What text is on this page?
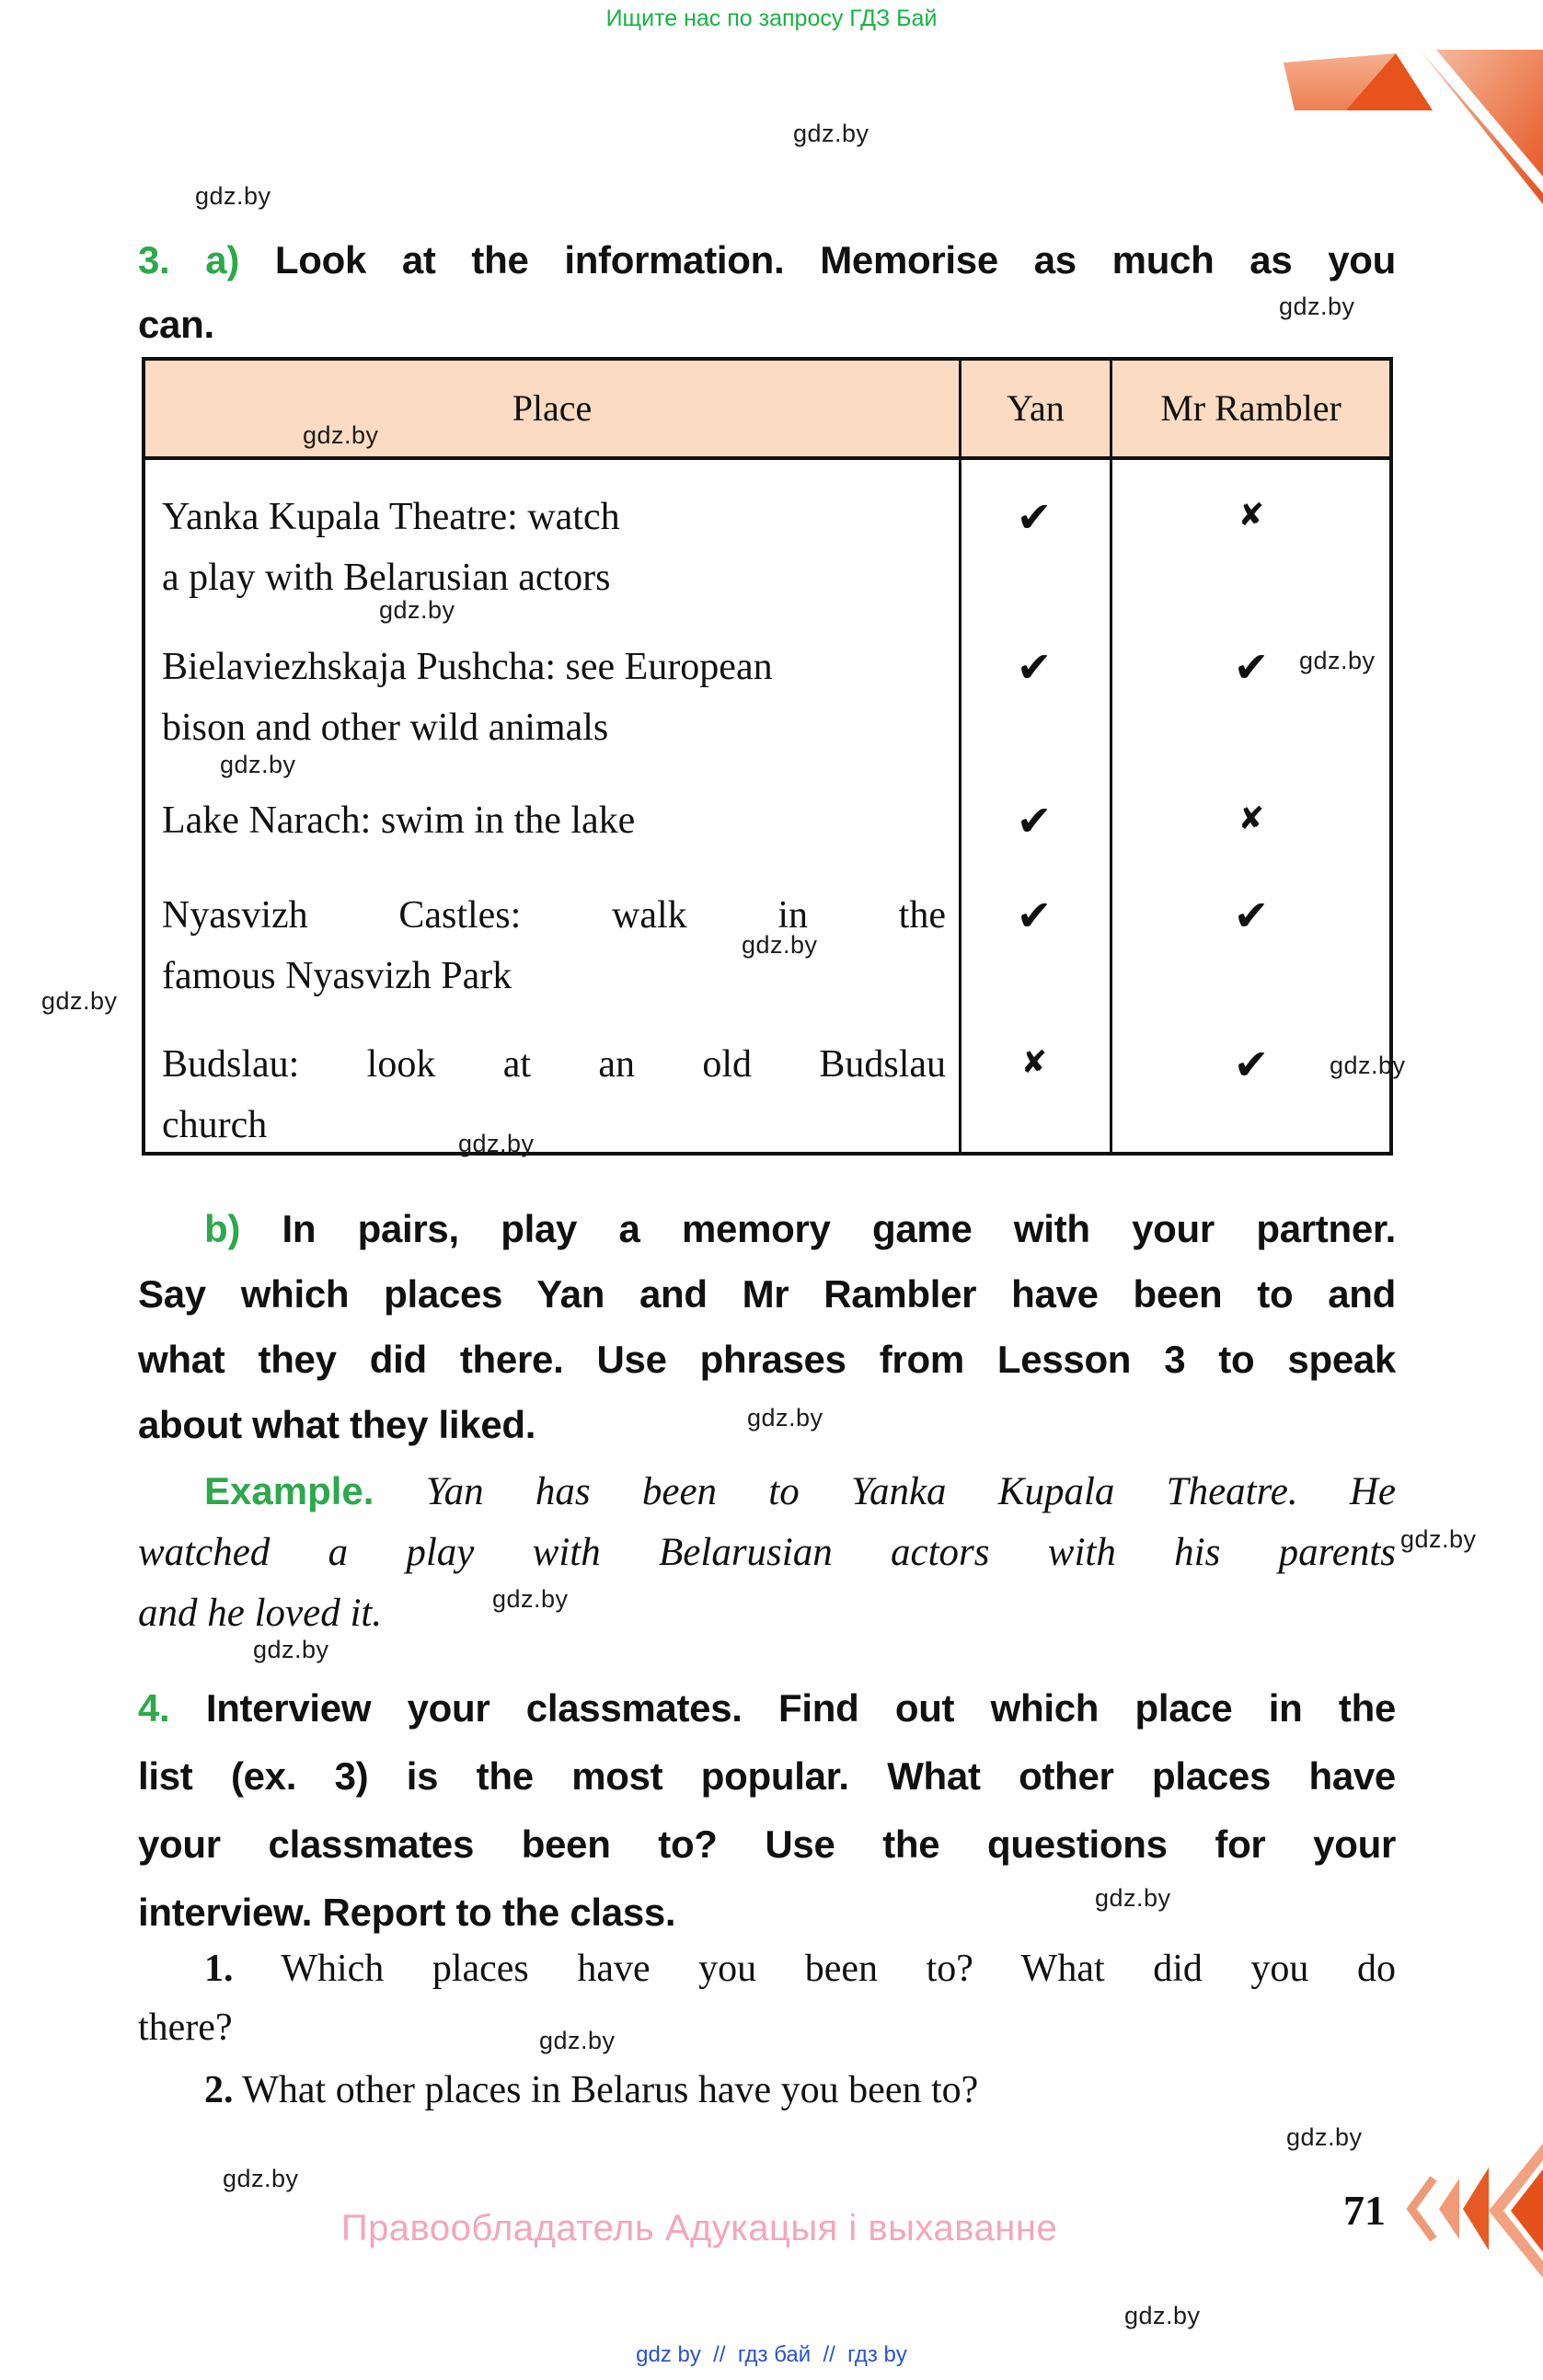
Ищите нас по запросу ГДЗ Бай
3. a) Look at the information. Memorise as much as you
can.
Place	Yan	Mr Rambler
Yanka Kupala Theatre: watch
a play with Belarusian actors
✔	✘
Bielaviezhskaja Pushcha: see European
bison and other wild animals
✔	✔
Lake Narach: swim in the lake	✔	✘
Nyasvizh Castles: walk in the
famous Nyasvizh Park
✔	✔
Budslau: look at an old Budslau
church
✘	✔
b) In pairs, play a memory game with your partner.
Say which places Yan and Mr Rambler have been to and
what they did there. Use phrases from Lesson 3 to speak
about what they liked.
Example. Yan has been to Yanka Kupala Theatre. He
watched a play with Belarusian actors with his parents
and he loved it.
4. Interview your classmates. Find out which place in the
list (ex. 3) is the most popular. What other places have
your classmates been to? Use the questions for your
interview. Report to the class.
1. Which places have you been to? What did you do
there?
2. What other places in Belarus have you been to?
Правообладатель Адукацыя і выхаванне	71
gdz by  //  гдз бай  //  гдз by
gdz.by
gdz.by
gdz.by
gdz.by
gdz.by
gdz.by
gdz.by
gdz.by
gdz.by
gdz.by
gdz.by
gdz.by
gdz.by
gdz.by
gdz.by
gdz.by
gdz.by
gdz.by
gdz.by
gdz.by
